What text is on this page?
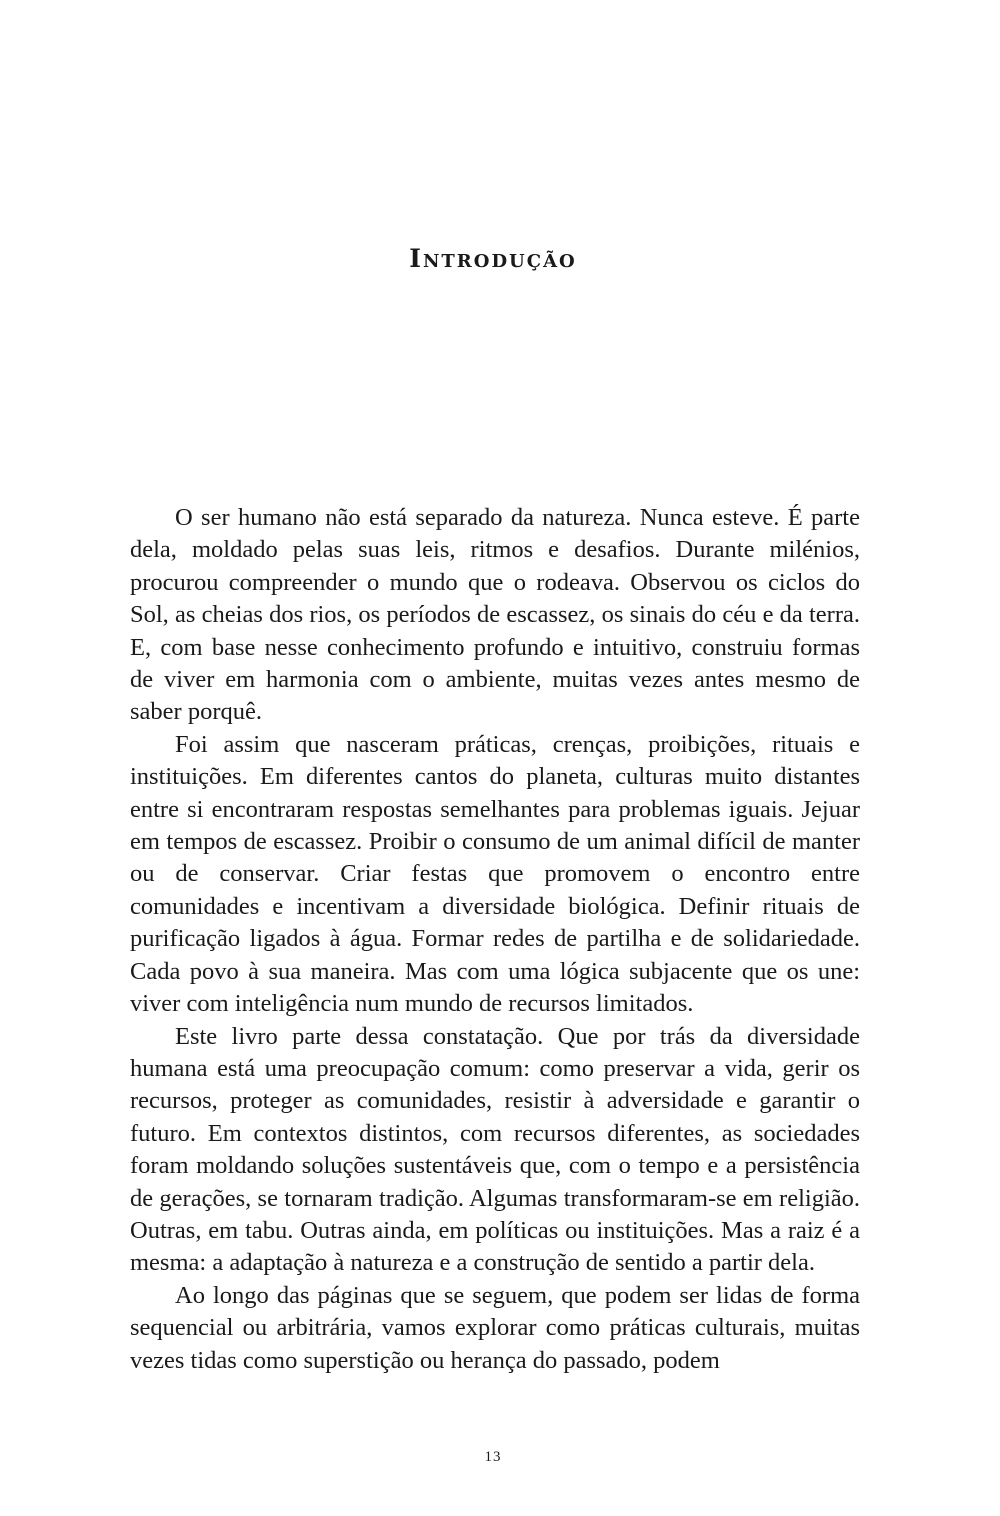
Introdução

O ser humano não está separado da natureza. Nunca esteve. É parte dela, moldado pelas suas leis, ritmos e desafios. Durante milénios, procurou compreender o mundo que o rodeava. Observou os ciclos do Sol, as cheias dos rios, os períodos de escassez, os sinais do céu e da terra. E, com base nesse conhecimento profundo e intuitivo, construiu formas de viver em harmonia com o ambiente, muitas vezes antes mesmo de saber porquê.

Foi assim que nasceram práticas, crenças, proibições, rituais e instituições. Em diferentes cantos do planeta, culturas muito distantes entre si encontraram respostas semelhantes para problemas iguais. Jejuar em tempos de escassez. Proibir o consumo de um animal difícil de manter ou de conservar. Criar festas que promovem o encontro entre comunidades e incentivam a diversidade biológica. Definir rituais de purificação ligados à água. Formar redes de partilha e de solidariedade. Cada povo à sua maneira. Mas com uma lógica subjacente que os une: viver com inteligência num mundo de recursos limitados.

Este livro parte dessa constatação. Que por trás da diversidade humana está uma preocupação comum: como preservar a vida, gerir os recursos, proteger as comunidades, resistir à adversidade e garantir o futuro. Em contextos distintos, com recursos diferentes, as sociedades foram moldando soluções sustentáveis que, com o tempo e a persistência de gerações, se tornaram tradição. Algumas transformaram-se em religião. Outras, em tabu. Outras ainda, em políticas ou instituições. Mas a raiz é a mesma: a adaptação à natureza e a construção de sentido a partir dela.

Ao longo das páginas que se seguem, que podem ser lidas de forma sequencial ou arbitrária, vamos explorar como práticas culturais, muitas vezes tidas como superstição ou herança do passado, podem

13
